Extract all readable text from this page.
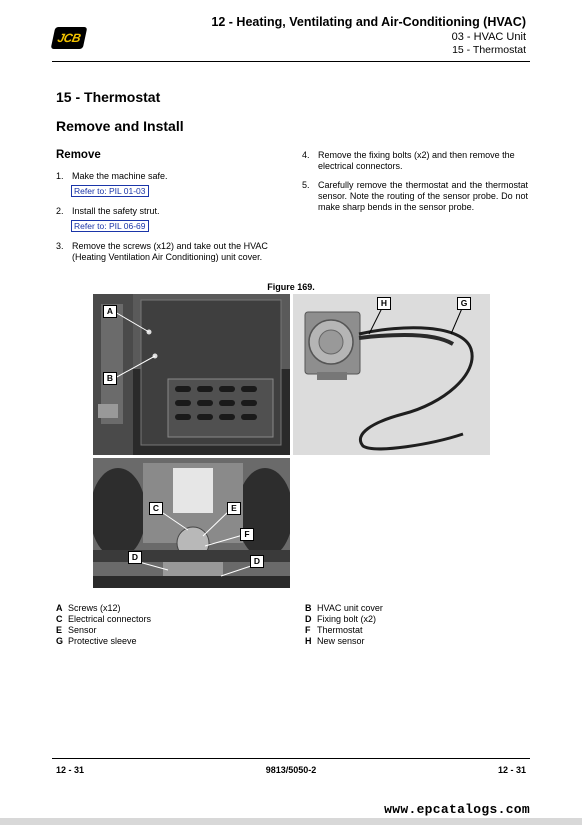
JCB
12 - Heating, Ventilating and Air-Conditioning (HVAC)
03 - HVAC Unit
15 - Thermostat
15 - Thermostat
Remove and Install
Remove
1. Make the machine safe.
Refer to: PIL 01-03
2. Install the safety strut.
Refer to: PIL 06-69
3. Remove the screws (x12) and take out the HVAC (Heating Ventilation Air Conditioning) unit cover.
4. Remove the fixing bolts (x2) and then remove the electrical connectors.
5. Carefully remove the thermostat and the thermostat sensor. Note the routing of the sensor probe. Do not make sharp bends in the sensor probe.
Figure 169.
A
B
H	G
C	E
F
D	D
A Screws (x12)	B HVAC unit cover
C Electrical connectors	D Fixing bolt (x2)
E Sensor	F Thermostat
G Protective sleeve	H New sensor
12 - 31	9813/5050-2	12 - 31
www.epcatalogs.com
